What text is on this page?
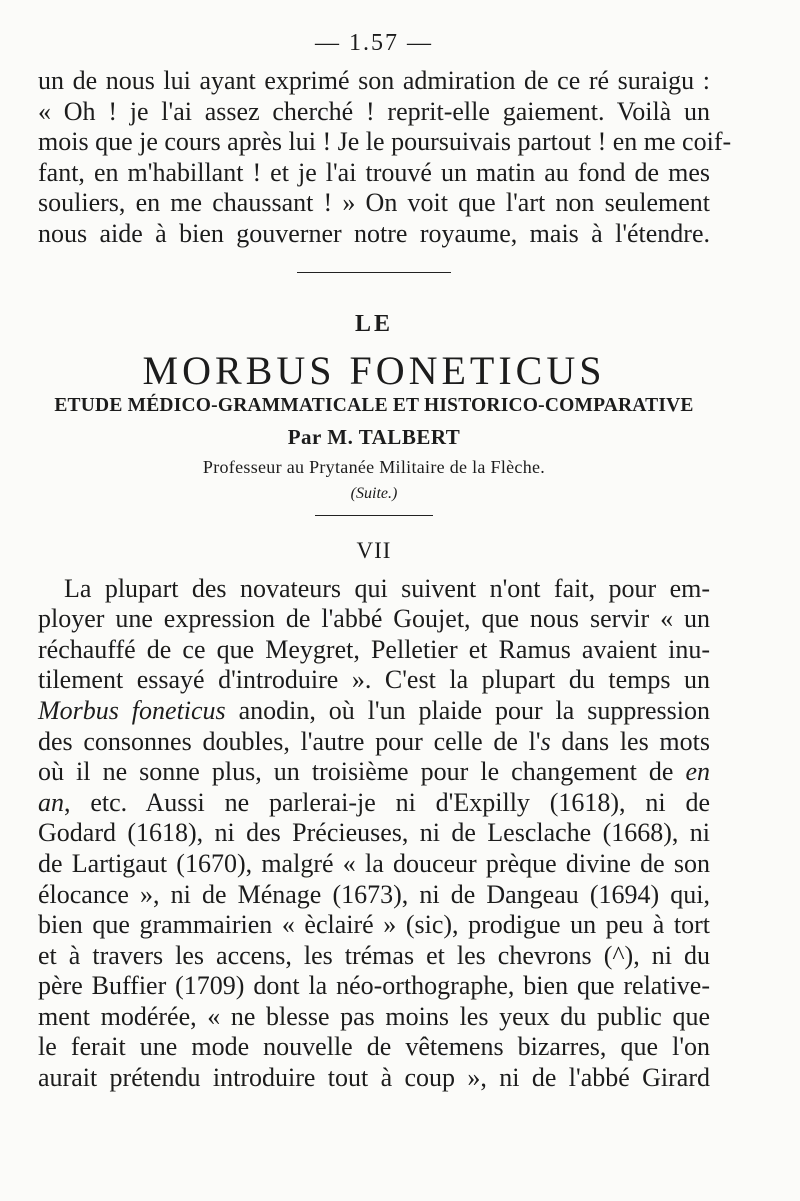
— 1.57 —
un de nous lui ayant exprimé son admiration de ce ré suraigu :
« Oh ! je l'ai assez cherché ! reprit-elle gaiement. Voilà un
mois que je cours après lui ! Je le poursuivais partout ! en me coif-
fant, en m'habillant ! et je l'ai trouvé un matin au fond de mes
souliers, en me chaussant ! » On voit que l'art non seulement
nous aide à bien gouverner notre royaume, mais à l'étendre.
LE
MORBUS FONETICUS
ETUDE MÉDICO-GRAMMATICALE ET HISTORICO-COMPARATIVE
Par M. TALBERT
Professeur au Prytanée Militaire de la Flèche.
(Suite.)
VII
La plupart des novateurs qui suivent n'ont fait, pour em-
ployer une expression de l'abbé Goujet, que nous servir « un
réchauffé de ce que Meygret, Pelletier et Ramus avaient inu-
tilement essayé d'introduire ». C'est la plupart du temps un
Morbus foneticus anodin, où l'un plaide pour la suppression
des consonnes doubles, l'autre pour celle de l's dans les mots
où il ne sonne plus, un troisième pour le changement de en
an, etc. Aussi ne parlerai-je ni d'Expilly (1618), ni de
Godard (1618), ni des Précieuses, ni de Lesclache (1668), ni
de Lartigaut (1670), malgré « la douceur prèque divine de son
élocance », ni de Ménage (1673), ni de Dangeau (1694) qui,
bien que grammairien « èclairé » (sic), prodigue un peu à tort
et à travers les accens, les trémas et les chevrons (^), ni du
père Buffier (1709) dont la néo-orthographe, bien que relative-
ment modérée, « ne blesse pas moins les yeux du public que
le ferait une mode nouvelle de vêtemens bizarres, que l'on
aurait prétendu introduire tout à coup », ni de l'abbé Girard
